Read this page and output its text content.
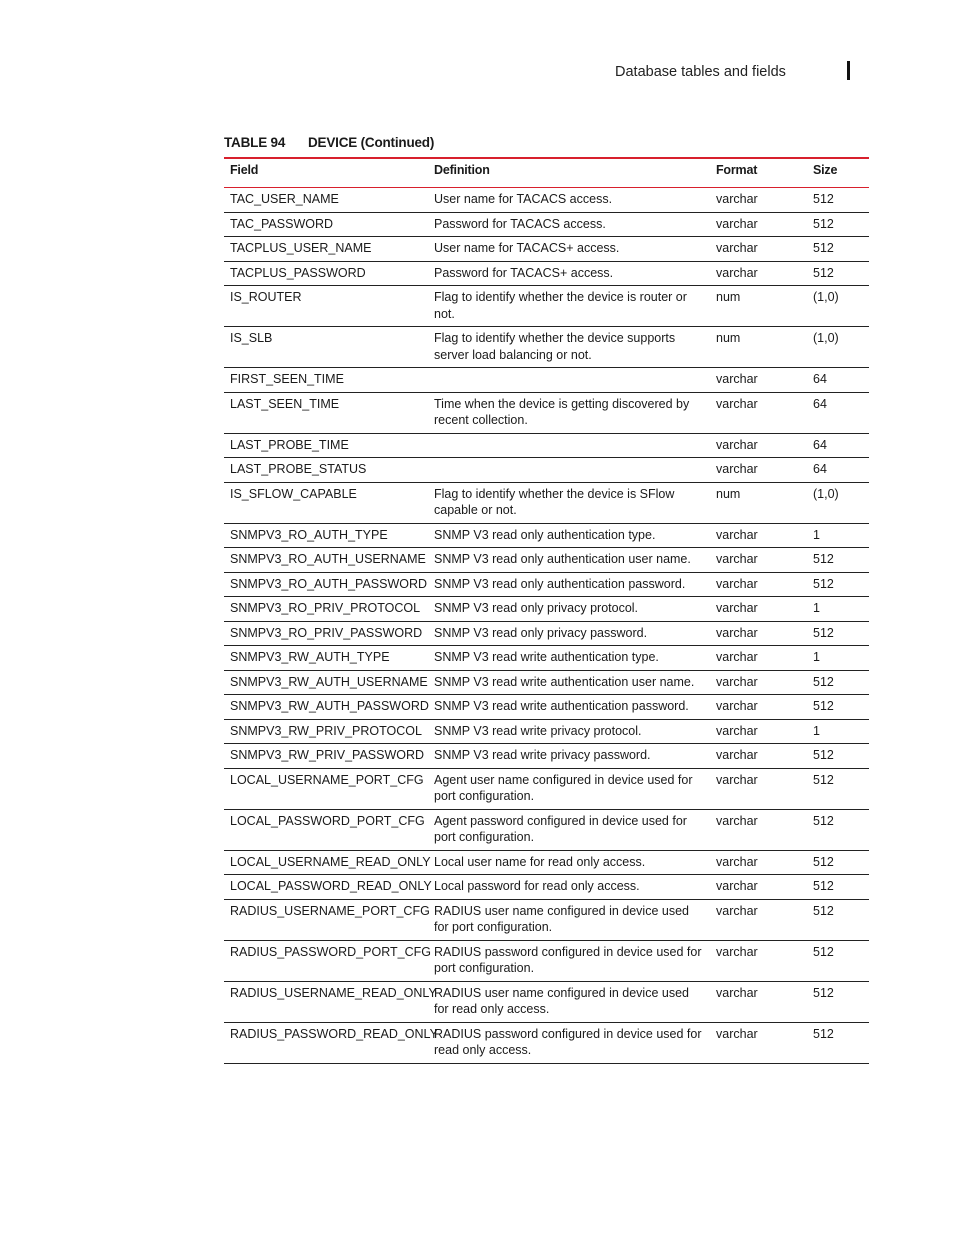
Database tables and fields
TABLE 94 DEVICE (Continued)
Field	Definition	Format	Size
TAC_USER_NAME	User name for TACACS access.	varchar	512
TAC_PASSWORD	Password for TACACS access.	varchar	512
TACPLUS_USER_NAME	User name for TACACS+ access.	varchar	512
TACPLUS_PASSWORD	Password for TACACS+ access.	varchar	512
IS_ROUTER	Flag to identify whether the device is router or not.	num	(1,0)
IS_SLB	Flag to identify whether the device supports server load balancing or not.	num	(1,0)
FIRST_SEEN_TIME		varchar	64
LAST_SEEN_TIME	Time when the device is getting discovered by recent collection.	varchar	64
LAST_PROBE_TIME		varchar	64
LAST_PROBE_STATUS		varchar	64
IS_SFLOW_CAPABLE	Flag to identify whether the device is SFlow capable or not.	num	(1,0)
SNMPV3_RO_AUTH_TYPE	SNMP V3 read only authentication type.	varchar	1
SNMPV3_RO_AUTH_USERNAME	SNMP V3 read only authentication user name.	varchar	512
SNMPV3_RO_AUTH_PASSWORD	SNMP V3 read only authentication password.	varchar	512
SNMPV3_RO_PRIV_PROTOCOL	SNMP V3 read only privacy protocol.	varchar	1
SNMPV3_RO_PRIV_PASSWORD	SNMP V3 read only privacy password.	varchar	512
SNMPV3_RW_AUTH_TYPE	SNMP V3 read write authentication type.	varchar	1
SNMPV3_RW_AUTH_USERNAME	SNMP V3 read write authentication user name.	varchar	512
SNMPV3_RW_AUTH_PASSWORD	SNMP V3 read write authentication password.	varchar	512
SNMPV3_RW_PRIV_PROTOCOL	SNMP V3 read write privacy protocol.	varchar	1
SNMPV3_RW_PRIV_PASSWORD	SNMP V3 read write privacy password.	varchar	512
LOCAL_USERNAME_PORT_CFG	Agent user name configured in device used for port configuration.	varchar	512
LOCAL_PASSWORD_PORT_CFG	Agent password configured in device used for port configuration.	varchar	512
LOCAL_USERNAME_READ_ONLY	Local user name for read only access.	varchar	512
LOCAL_PASSWORD_READ_ONLY	Local password for read only access.	varchar	512
RADIUS_USERNAME_PORT_CFG	RADIUS user name configured in device used for port configuration.	varchar	512
RADIUS_PASSWORD_PORT_CFG	RADIUS password configured in device used for port configuration.	varchar	512
RADIUS_USERNAME_READ_ONLY	RADIUS user name configured in device used for read only access.	varchar	512
RADIUS_PASSWORD_READ_ONLY	RADIUS password configured in device used for read only access.	varchar	512
